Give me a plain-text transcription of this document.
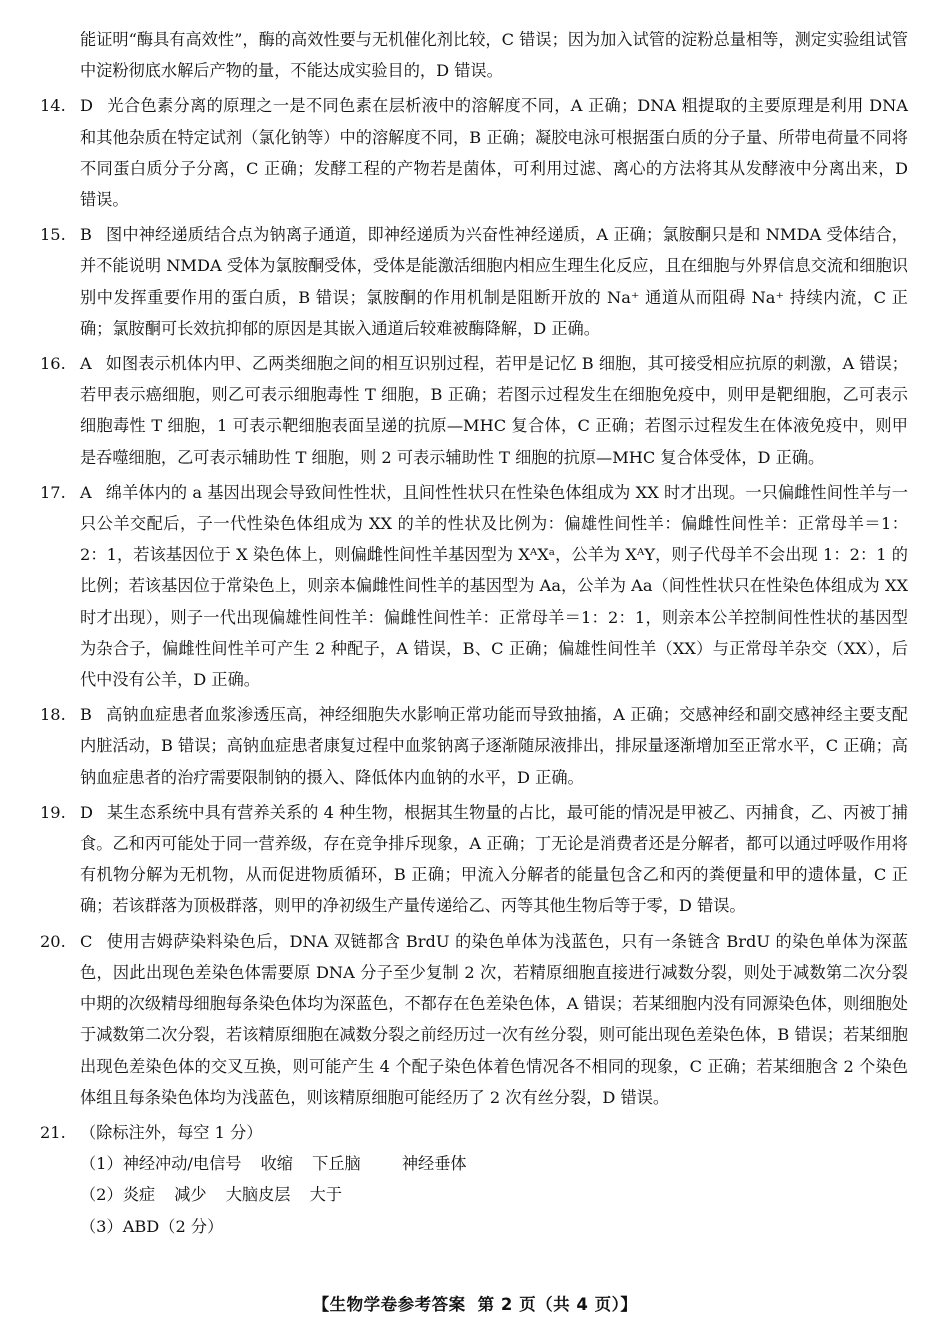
能证明“酶具有高效性”，酶的高效性要与无机催化剂比较，C 错误；因为加入试管的淀粉总量相等，测定实验组试管中淀粉彻底水解后产物的量，不能达成实验目的，D 错误。

14. D 光合色素分离的原理之一是不同色素在层析液中的溶解度不同，A 正确；DNA 粗提取的主要原理是利用 DNA 和其他杂质在特定试剂（氯化钠等）中的溶解度不同，B 正确；凝胶电泳可根据蛋白质的分子量、所带电荷量不同将不同蛋白质分子分离，C 正确；发酵工程的产物若是菌体，可利用过滤、离心的方法将其从发酵液中分离出来，D 错误。
15. B 图中神经递质结合点为钠离子通道，即神经递质为兴奋性神经递质，A 正确；氯胺酮只是和 NMDA 受体结合，并不能说明 NMDA 受体为氯胺酮受体，受体是能激活细胞内相应生理生化反应，且在细胞与外界信息交流和细胞识别中发挥重要作用的蛋白质，B 错误；氯胺酮的作用机制是阻断开放的 Na⁺ 通道从而阻碍 Na⁺ 持续内流，C 正确；氯胺酮可长效抗抑郁的原因是其嵌入通道后较难被酶降解，D 正确。
16. A 如图表示机体内甲、乙两类细胞之间的相互识别过程，若甲是记忆 B 细胞，其可接受相应抗原的刺激，A 错误；若甲表示癌细胞，则乙可表示细胞毒性 T 细胞，B 正确；若图示过程发生在细胞免疫中，则甲是靶细胞，乙可表示细胞毒性 T 细胞，1 可表示靶细胞表面呈递的抗原—MHC 复合体，C 正确；若图示过程发生在体液免疫中，则甲是吞噬细胞，乙可表示辅助性 T 细胞，则 2 可表示辅助性 T 细胞的抗原—MHC 复合体受体，D 正确。
17. A 绵羊体内的 a 基因出现会导致间性性状，且间性性状只在性染色体组成为 XX 时才出现。一只偏雌性间性羊与一只公羊交配后，子一代性染色体组成为 XX 的羊的性状及比例为：偏雄性间性羊：偏雌性间性羊：正常母羊＝1：2：1，若该基因位于 X 染色体上，则偏雌性间性羊基因型为 XᴬXᵃ，公羊为 XᴬY，则子代母羊不会出现 1：2：1 的比例；若该基因位于常染色上，则亲本偏雌性间性羊的基因型为 Aa，公羊为 Aa（间性性状只在性染色体组成为 XX 时才出现），则子一代出现偏雄性间性羊：偏雌性间性羊：正常母羊＝1：2：1，则亲本公羊控制间性性状的基因型为杂合子，偏雌性间性羊可产生 2 种配子，A 错误，B、C 正确；偏雄性间性羊（XX）与正常母羊杂交（XX），后代中没有公羊，D 正确。
18. B 高钠血症患者血浆渗透压高，神经细胞失水影响正常功能而导致抽搐，A 正确；交感神经和副交感神经主要支配内脏活动，B 错误；高钠血症患者康复过程中血浆钠离子逐渐随尿液排出，排尿量逐渐增加至正常水平，C 正确；高钠血症患者的治疗需要限制钠的摄入、降低体内血钠的水平，D 正确。
19. D 某生态系统中具有营养关系的 4 种生物，根据其生物量的占比，最可能的情况是甲被乙、丙捕食，乙、丙被丁捕食。乙和丙可能处于同一营养级，存在竞争排斥现象，A 正确；丁无论是消费者还是分解者，都可以通过呼吸作用将有机物分解为无机物，从而促进物质循环，B 正确；甲流入分解者的能量包含乙和丙的粪便量和甲的遗体量，C 正确；若该群落为顶极群落，则甲的净初级生产量传递给乙、丙等其他生物后等于零，D 错误。
20. C 使用吉姆萨染料染色后，DNA 双链都含 BrdU 的染色单体为浅蓝色，只有一条链含 BrdU 的染色单体为深蓝色，因此出现色差染色体需要原 DNA 分子至少复制 2 次，若精原细胞直接进行减数分裂，则处于减数第二次分裂中期的次级精母细胞每条染色体均为深蓝色，不都存在色差染色体，A 错误；若某细胞内没有同源染色体，则细胞处于减数第二次分裂，若该精原细胞在减数分裂之前经历过一次有丝分裂，则可能出现色差染色体，B 错误；若某细胞出现色差染色体的交叉互换，则可能产生 4 个配子染色体着色情况各不相同的现象，C 正确；若某细胞含 2 个染色体组且每条染色体均为浅蓝色，则该精原细胞可能经历了 2 次有丝分裂，D 错误。
21. （除标注外，每空 1 分）
（1）神经冲动/电信号 收缩 下丘脑	神经垂体
（2）炎症 减少 大脑皮层 大于
（3）ABD（2 分）
【生物学卷参考答案 第 2 页（共 4 页）】
